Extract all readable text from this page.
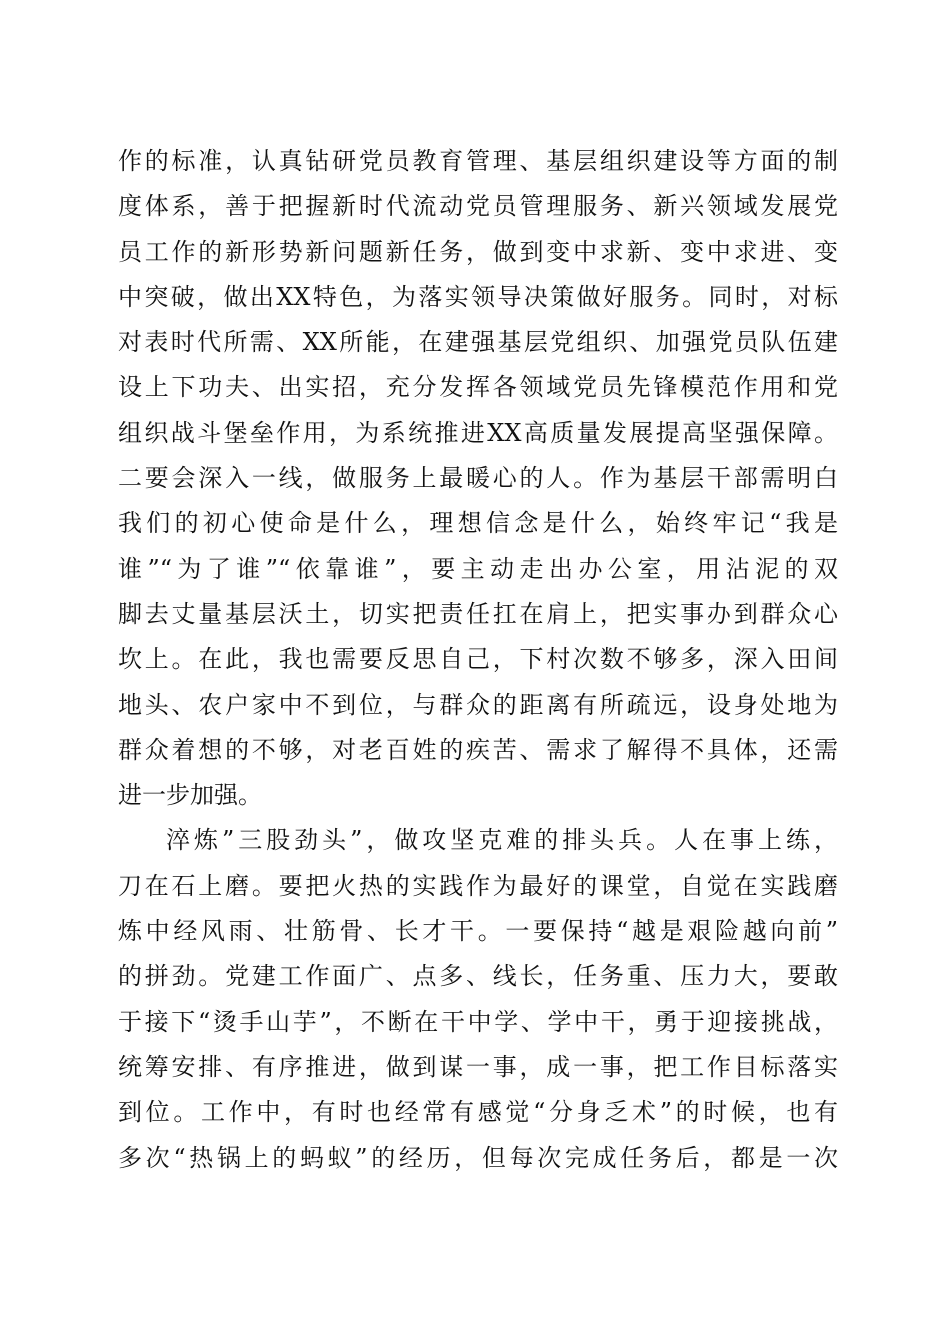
作的标准，认真钻研党员教育管理、基层组织建设等方面的制
度体系，善于把握新时代流动党员管理服务、新兴领域发展党
员工作的新形势新问题新任务，做到变中求新、变中求进、变
中突破，做出XX特色，为落实领导决策做好服务。同时，对标
对表时代所需、XX所能，在建强基层党组织、加强党员队伍建
设上下功夫、出实招，充分发挥各领域党员先锋模范作用和党
组织战斗堡垒作用，为系统推进XX高质量发展提高坚强保障。
二要会深入一线，做服务上最暖心的人。作为基层干部需明白
我们的初心使命是什么，理想信念是什么，始终牢记“我是
谁”“为了谁”“依靠谁”，要主动走出办公室，用沾泥的双
脚去丈量基层沃土，切实把责任扛在肩上，把实事办到群众心
坎上。在此，我也需要反思自己，下村次数不够多，深入田间
地头、农户家中不到位，与群众的距离有所疏远，设身处地为
群众着想的不够，对老百姓的疾苦、需求了解得不具体，还需
进一步加强。
淬炼”三股劲头”，做攻坚克难的排头兵。人在事上练，
刀在石上磨。要把火热的实践作为最好的课堂，自觉在实践磨
炼中经风雨、壮筋骨、长才干。一要保持“越是艰险越向前”
的拼劲。党建工作面广、点多、线长，任务重、压力大，要敢
于接下“烫手山芋”，不断在干中学、学中干，勇于迎接挑战，
统筹安排、有序推进，做到谋一事，成一事，把工作目标落实
到位。工作中，有时也经常有感觉“分身乏术”的时候，也有
多次“热锅上的蚂蚁”的经历，但每次完成任务后，都是一次
